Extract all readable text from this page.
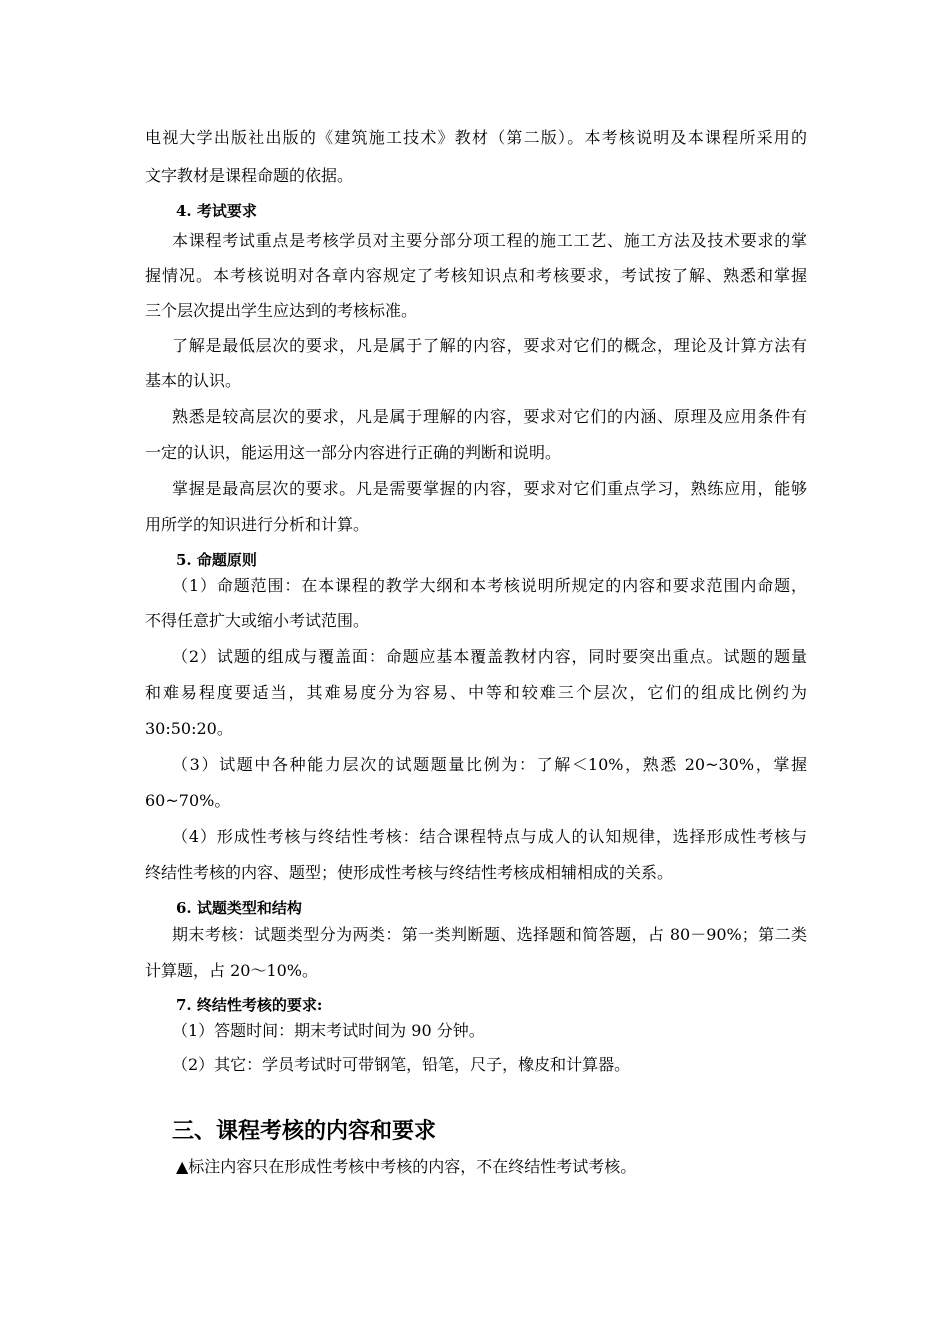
电视大学出版社出版的《建筑施工技术》教材（第二版）。本考核说明及本课程所采用的
文字教材是课程命题的依据。
4. 考试要求
本课程考试重点是考核学员对主要分部分项工程的施工工艺、施工方法及技术要求的掌
握情况。本考核说明对各章内容规定了考核知识点和考核要求，考试按了解、熟悉和掌握
三个层次提出学生应达到的考核标准。
了解是最低层次的要求，凡是属于了解的内容，要求对它们的概念，理论及计算方法有
基本的认识。
熟悉是较高层次的要求，凡是属于理解的内容，要求对它们的内涵、原理及应用条件有
一定的认识，能运用这一部分内容进行正确的判断和说明。
掌握是最高层次的要求。凡是需要掌握的内容，要求对它们重点学习，熟练应用，能够
用所学的知识进行分析和计算。
5. 命题原则
（1）命题范围：在本课程的教学大纲和本考核说明所规定的内容和要求范围内命题，
不得任意扩大或缩小考试范围。
（2）试题的组成与覆盖面：命题应基本覆盖教材内容，同时要突出重点。试题的题量
和难易程度要适当，其难易度分为容易、中等和较难三个层次，它们的组成比例约为
30:50:20。
（3）试题中各种能力层次的试题题量比例为：了解＜10%，熟悉 20~30%，掌握
60~70%。
（4）形成性考核与终结性考核：结合课程特点与成人的认知规律，选择形成性考核与
终结性考核的内容、题型；使形成性考核与终结性考核成相辅相成的关系。
6. 试题类型和结构
期末考核：试题类型分为两类：第一类判断题、选择题和简答题，占 80－90%；第二类
计算题，占 20～10%。
7. 终结性考核的要求:
（1）答题时间：期末考试时间为 90 分钟。
（2）其它：学员考试时可带钢笔，铅笔，尺子，橡皮和计算器。
三、课程考核的内容和要求
▲标注内容只在形成性考核中考核的内容，不在终结性考试考核。
